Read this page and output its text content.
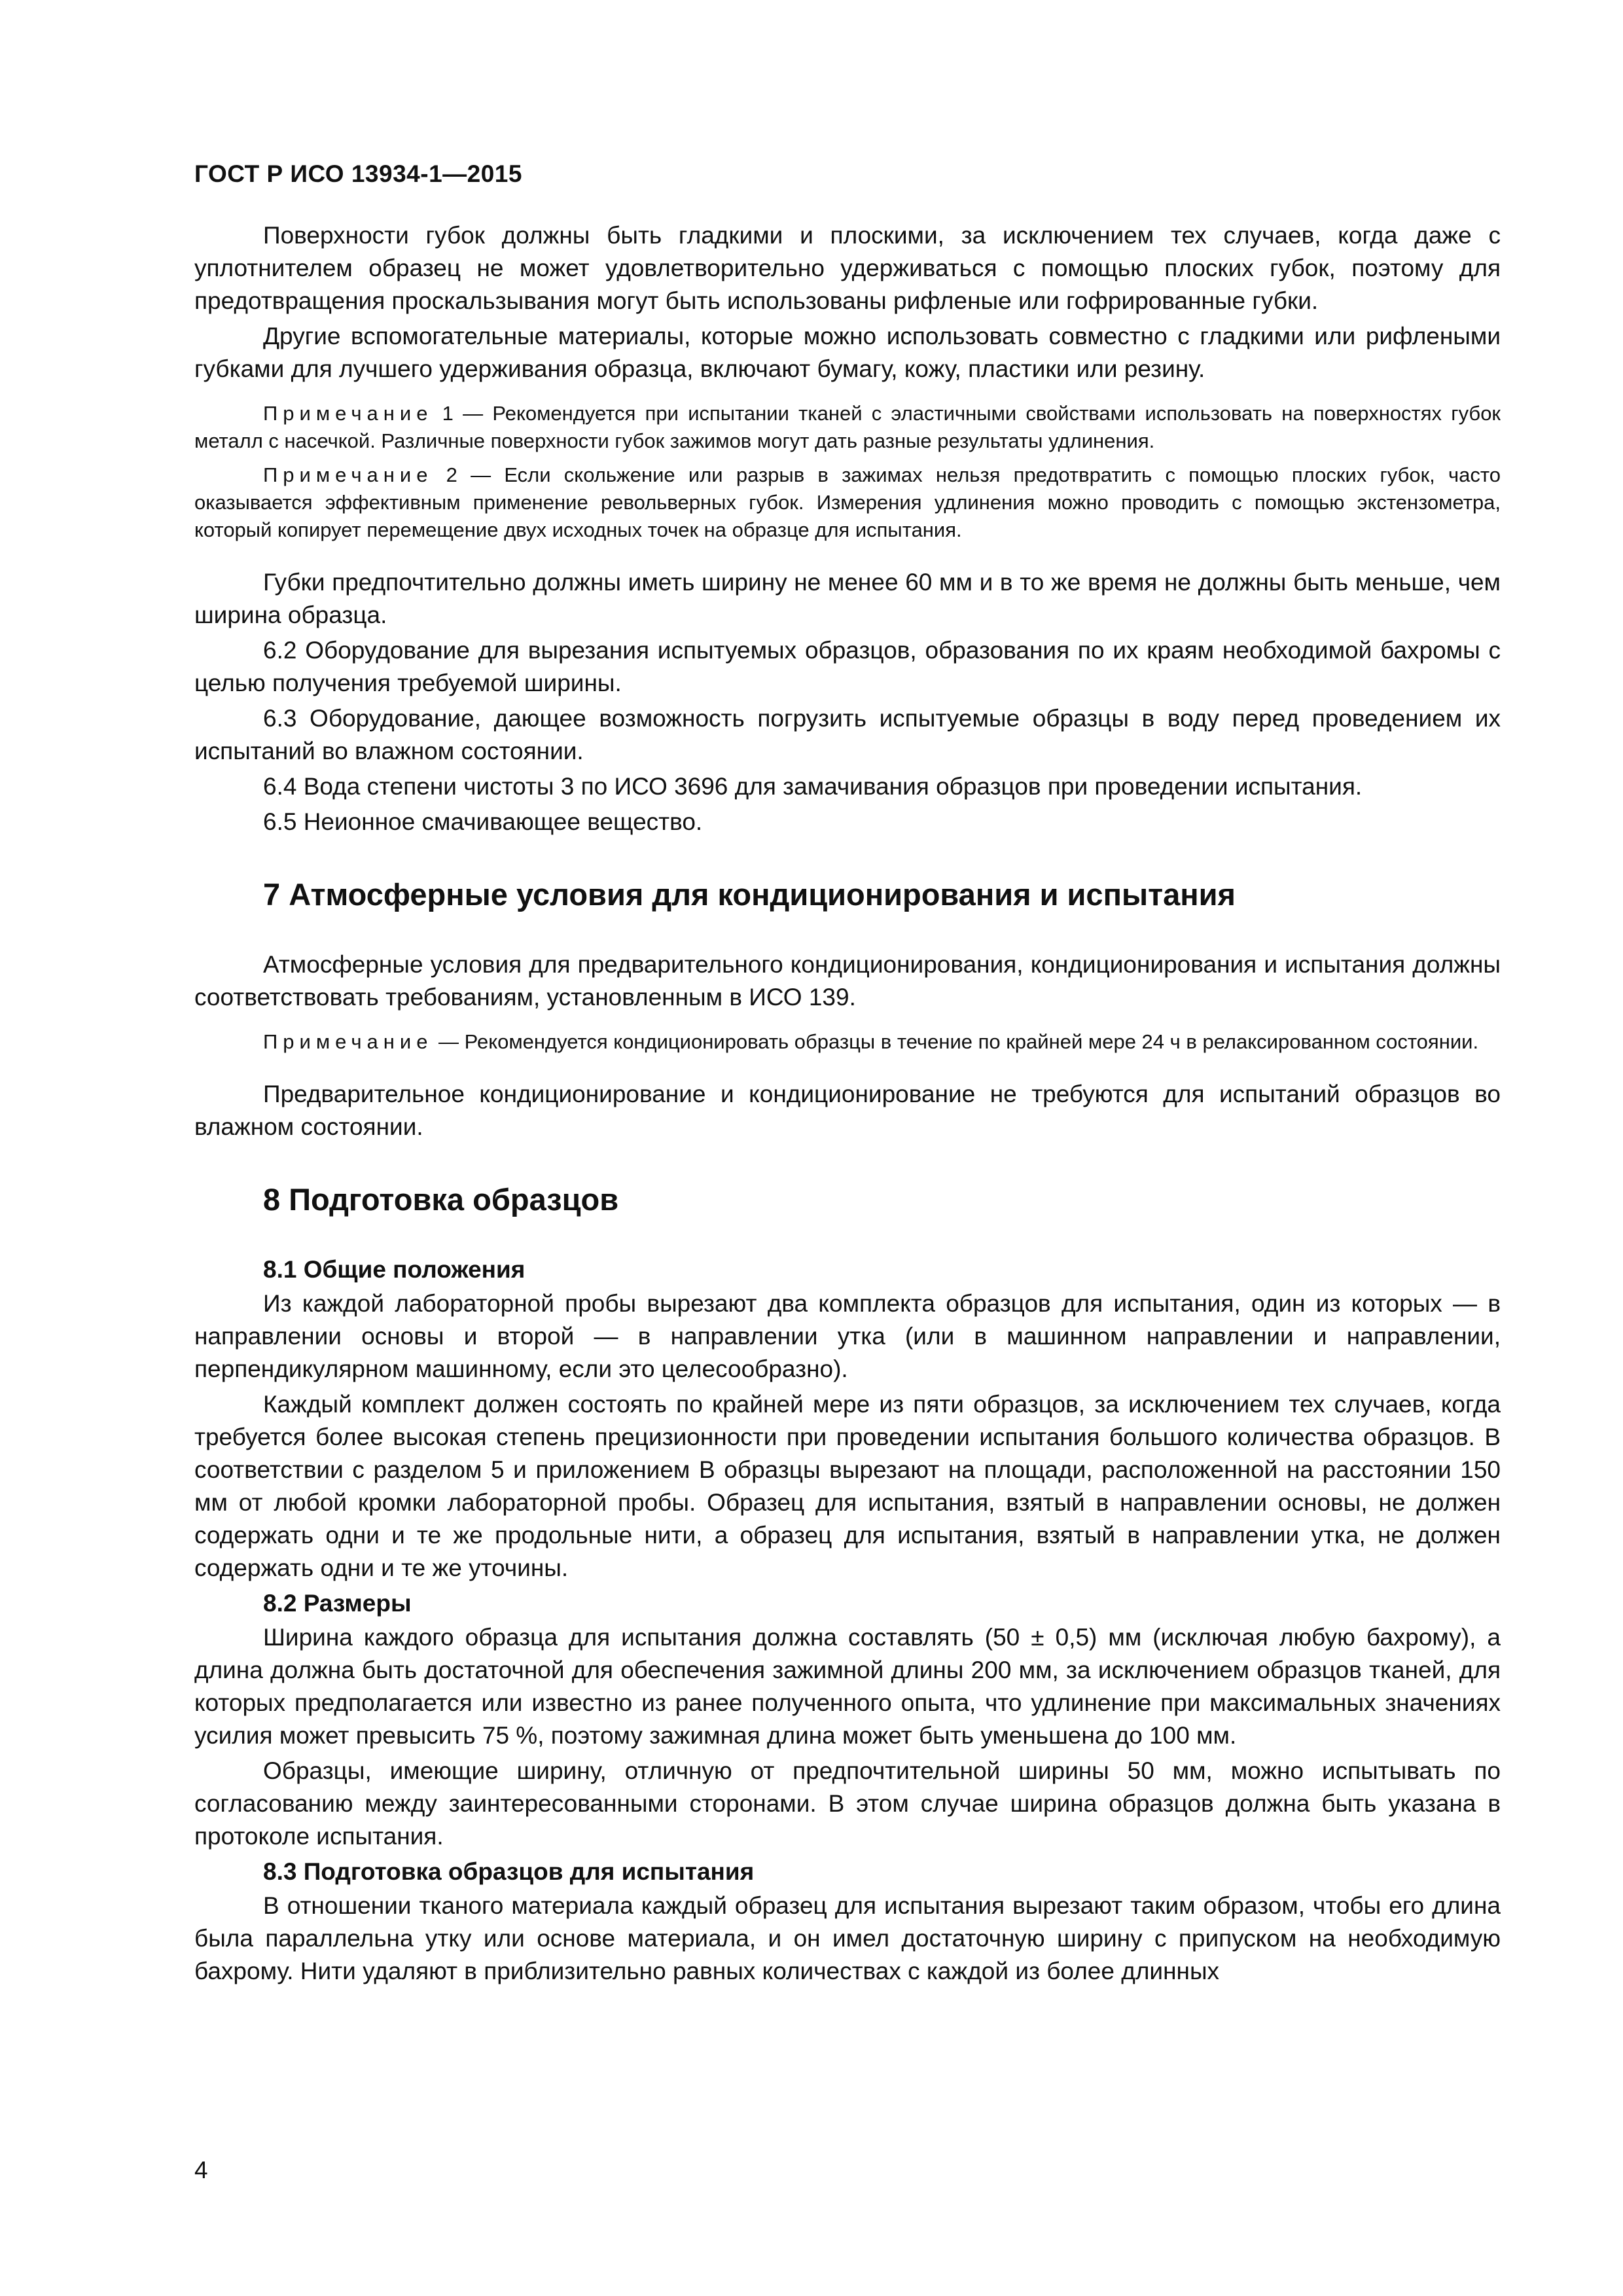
ГОСТ Р ИСО 13934-1—2015

Поверхности губок должны быть гладкими и плоскими, за исключением тех случаев, когда даже с уплотнителем образец не может удовлетворительно удерживаться с помощью плоских губок, поэтому для предотвращения проскальзывания могут быть использованы рифленые или гофрированные губки.

Другие вспомогательные материалы, которые можно использовать совместно с гладкими или рифлеными губками для лучшего удерживания образца, включают бумагу, кожу, пластики или резину.

Примечание 1 — Рекомендуется при испытании тканей с эластичными свойствами использовать на поверхностях губок металл с насечкой. Различные поверхности губок зажимов могут дать разные результаты удлинения.

Примечание 2 — Если скольжение или разрыв в зажимах нельзя предотвратить с помощью плоских губок, часто оказывается эффективным применение револьверных губок. Измерения удлинения можно проводить с помощью экстензометра, который копирует перемещение двух исходных точек на образце для испытания.

Губки предпочтительно должны иметь ширину не менее 60 мм и в то же время не должны быть меньше, чем ширина образца.

6.2 Оборудование для вырезания испытуемых образцов, образования по их краям необходимой бахромы с целью получения требуемой ширины.

6.3 Оборудование, дающее возможность погрузить испытуемые образцы в воду перед проведением их испытаний во влажном состоянии.

6.4 Вода степени чистоты 3 по ИСО 3696 для замачивания образцов при проведении испытания.

6.5 Неионное смачивающее вещество.

7 Атмосферные условия для кондиционирования и испытания

Атмосферные условия для предварительного кондиционирования, кондиционирования и испытания должны соответствовать требованиям, установленным в ИСО 139.

Примечание — Рекомендуется кондиционировать образцы в течение по крайней мере 24 ч в релаксированном состоянии.

Предварительное кондиционирование и кондиционирование не требуются для испытаний образцов во влажном состоянии.

8 Подготовка образцов
8.1 Общие положения

Из каждой лабораторной пробы вырезают два комплекта образцов для испытания, один из которых — в направлении основы и второй — в направлении утка (или в машинном направлении и направлении, перпендикулярном машинному, если это целесообразно).

Каждый комплект должен состоять по крайней мере из пяти образцов, за исключением тех случаев, когда требуется более высокая степень прецизионности при проведении испытания большого количества образцов. В соответствии с разделом 5 и приложением В образцы вырезают на площади, расположенной на расстоянии 150 мм от любой кромки лабораторной пробы. Образец для испытания, взятый в направлении основы, не должен содержать одни и те же продольные нити, а образец для испытания, взятый в направлении утка, не должен содержать одни и те же уточины.

8.2 Размеры

Ширина каждого образца для испытания должна составлять (50 ± 0,5) мм (исключая любую бахрому), а длина должна быть достаточной для обеспечения зажимной длины 200 мм, за исключением образцов тканей, для которых предполагается или известно из ранее полученного опыта, что удлинение при максимальных значениях усилия может превысить 75 %, поэтому зажимная длина может быть уменьшена до 100 мм.

Образцы, имеющие ширину, отличную от предпочтительной ширины 50 мм, можно испытывать по согласованию между заинтересованными сторонами. В этом случае ширина образцов должна быть указана в протоколе испытания.

8.3 Подготовка образцов для испытания

В отношении тканого материала каждый образец для испытания вырезают таким образом, чтобы его длина была параллельна утку или основе материала, и он имел достаточную ширину с припуском на необходимую бахрому. Нити удаляют в приблизительно равных количествах с каждой из более длинных

4
